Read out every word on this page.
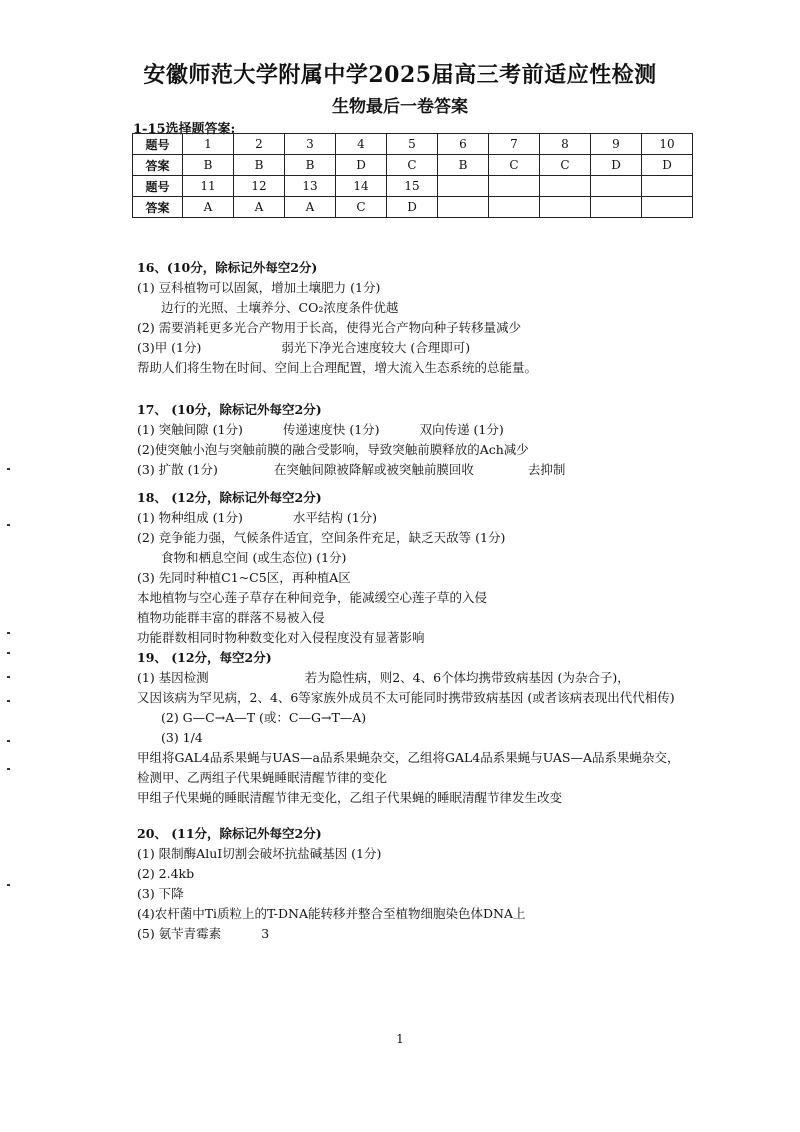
安徽师范大学附属中学2025届高三考前适应性检测
生物最后一卷答案
1-15选择题答案:
题号	1	2	3	4	5	6	7	8	9	10
答案	B	B	B	D	C	B	C	C	D	D
题号	11	12	13	14	15					
答案	A	A	A	C	D					
16、(10分，除标记外每空2分)
(1) 豆科植物可以固氮，增加土壤肥力 (1分)
边行的光照、土壤养分、CO₂浓度条件优越
(2) 需要消耗更多光合产物用于长高，使得光合产物向种子转移量减少
(3)甲 (1分)	弱光下净光合速度较大 (合理即可)
帮助人们将生物在时间、空间上合理配置，增大流入生态系统的总能量。
17、 (10分，除标记外每空2分)
(1) 突触间隙 (1分)	传递速度快 (1分)	双向传递 (1分)
(2)使突触小泡与突触前膜的融合受影响，导致突触前膜释放的Ach减少
(3) 扩散 (1分)	在突触间隙被降解或被突触前膜回收	去抑制
18、 (12分，除标记外每空2分)
(1) 物种组成 (1分)	水平结构 (1分)
(2) 竞争能力强，气候条件适宜，空间条件充足，缺乏天敌等 (1分)
食物和栖息空间 (或生态位) (1分)
(3) 先同时种植C1~C5区，再种植A区
本地植物与空心莲子草存在种间竞争，能减缓空心莲子草的入侵
植物功能群丰富的群落不易被入侵
功能群数相同时物种数变化对入侵程度没有显著影响
19、 (12分，每空2分)
(1) 基因检测	若为隐性病，则2、4、6个体均携带致病基因 (为杂合子)，
又因该病为罕见病，2、4、6等家族外成员不太可能同时携带致病基因 (或者该病表现出代代相传)
(2) G—C→A—T (或：C—G→T—A)
(3) 1/4
甲组将GAL4品系果蝇与UAS—a品系果蝇杂交，乙组将GAL4品系果蝇与UAS—A品系果蝇杂交，检测甲、乙两组子代果蝇睡眠清醒节律的变化
甲组子代果蝇的睡眠清醒节律无变化，乙组子代果蝇的睡眠清醒节律发生改变
20、 (11分，除标记外每空2分)
(1) 限制酶AluⅠ切割会破坏抗盐碱基因 (1分)
(2) 2.4kb
(3) 下降
(4)农杆菌中Ti质粒上的T-DNA能转移并整合至植物细胞染色体DNA上
(5) 氨苄青霉素	3
1
